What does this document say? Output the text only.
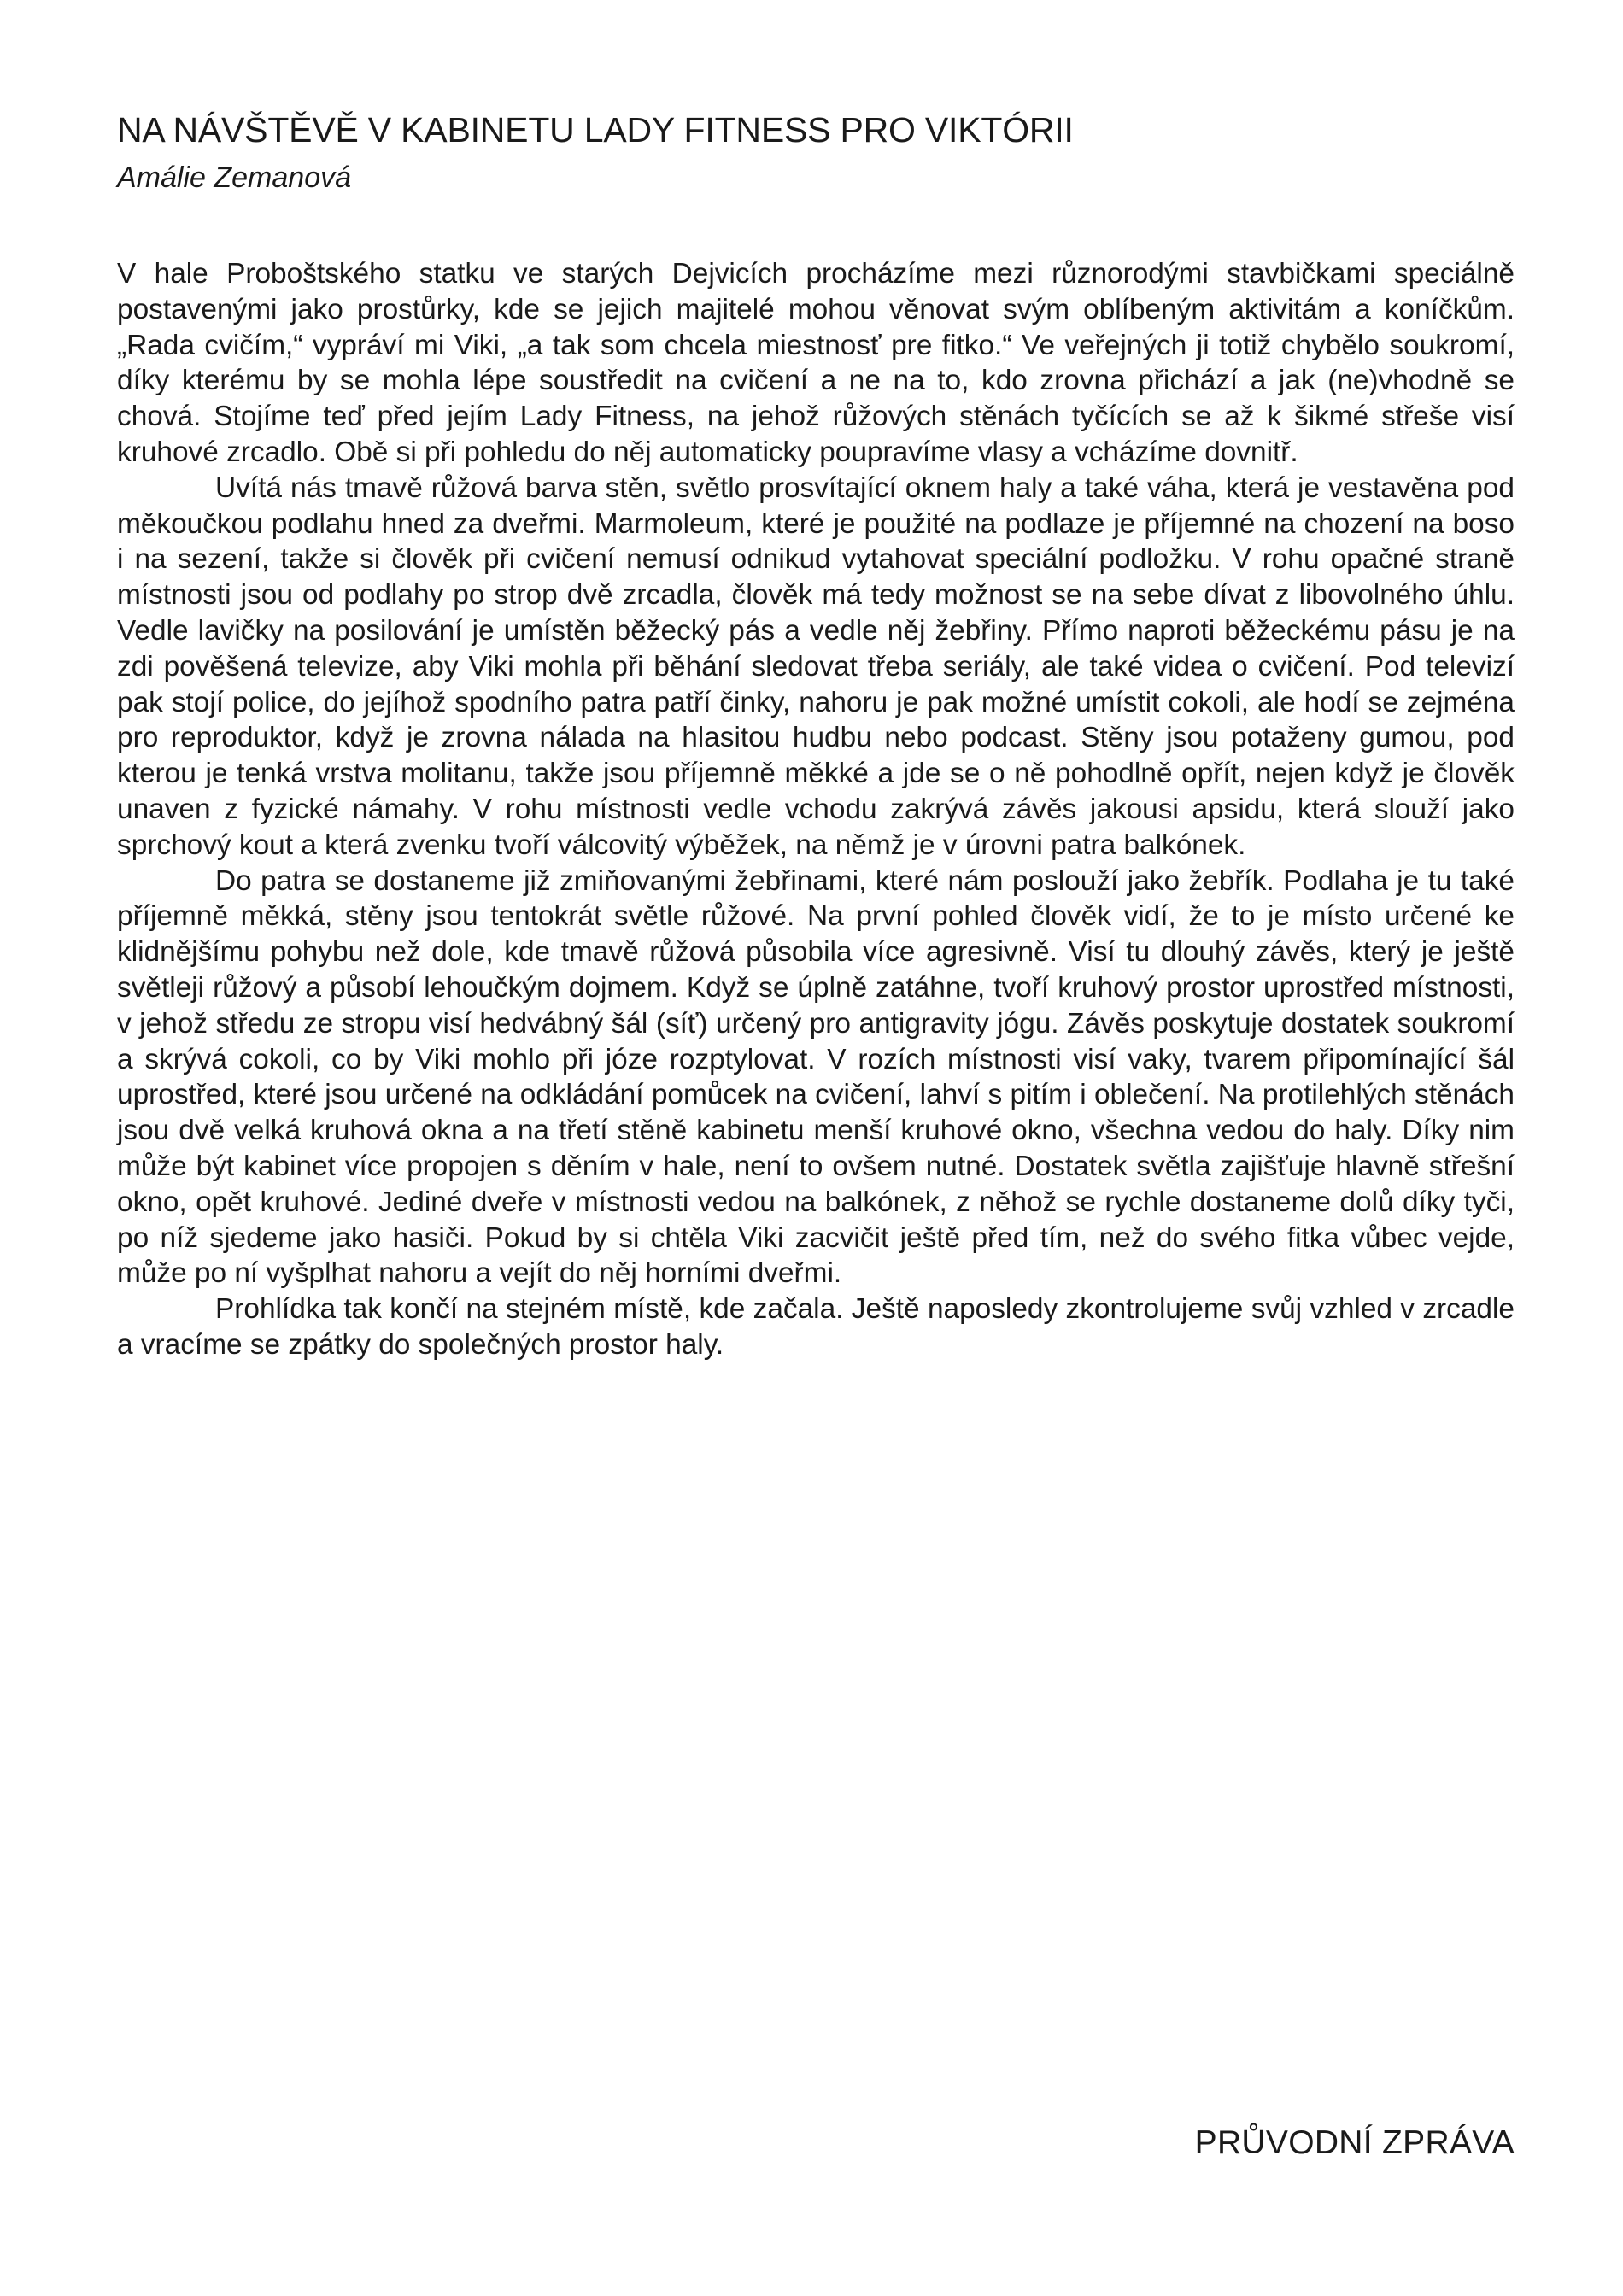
NA NÁVŠTĚVĚ V KABINETU LADY FITNESS PRO VIKTÓRII

Amálie Zemanová

V hale Proboštského statku ve starých Dejvicích procházíme mezi různorodými stavbičkami speciálně postavenými jako prostůrky, kde se jejich majitelé mohou věnovat svým oblíbeným aktivitám a koníčkům. „Rada cvičím,“ vypráví mi Viki, „a tak som chcela miestnosť pre fitko.“ Ve veřejných ji totiž chybělo soukromí, díky kterému by se mohla lépe soustředit na cvičení a ne na to, kdo zrovna přichází a jak (ne)vhodně se chová. Stojíme teď před jejím Lady Fitness, na jehož růžových stěnách tyčících se až k šikmé střeše visí kruhové zrcadlo. Obě si při pohledu do něj automaticky poupravíme vlasy a vcházíme dovnitř.

Uvítá nás tmavě růžová barva stěn, světlo prosvítající oknem haly a také váha, která je vestavěna pod měkoučkou podlahu hned za dveřmi. Marmoleum, které je použité na podlaze je příjemné na chození na boso i na sezení, takže si člověk při cvičení nemusí odnikud vytahovat speciální podložku. V rohu opačné straně místnosti jsou od podlahy po strop dvě zrcadla, člověk má tedy možnost se na sebe dívat z libovolného úhlu. Vedle lavičky na posilování je umístěn běžecký pás a vedle něj žebřiny. Přímo naproti běžeckému pásu je na zdi pověšená televize, aby Viki mohla při běhání sledovat třeba seriály, ale také videa o cvičení. Pod televizí pak stojí police, do jejíhož spodního patra patří činky, nahoru je pak možné umístit cokoli, ale hodí se zejména pro reproduktor, když je zrovna nálada na hlasitou hudbu nebo podcast. Stěny jsou potaženy gumou, pod kterou je tenká vrstva molitanu, takže jsou příjemně měkké a jde se o ně pohodlně opřít, nejen když je člověk unaven z fyzické námahy. V rohu místnosti vedle vchodu zakrývá závěs jakousi apsidu, která slouží jako sprchový kout a která zvenku tvoří válcovitý výběžek, na němž je v úrovni patra balkónek.

Do patra se dostaneme již zmiňovanými žebřinami, které nám poslouží jako žebřík. Podlaha je tu také příjemně měkká, stěny jsou tentokrát světle růžové. Na první pohled člověk vidí, že to je místo určené ke klidnějšímu pohybu než dole, kde tmavě růžová působila více agresivně. Visí tu dlouhý závěs, který je ještě světleji růžový a působí lehoučkým dojmem. Když se úplně zatáhne, tvoří kruhový prostor uprostřed místnosti, v jehož středu ze stropu visí hedvábný šál (síť) určený pro antigravity jógu. Závěs poskytuje dostatek soukromí a skrývá cokoli, co by Viki mohlo při józe rozptylovat. V rozích místnosti visí vaky, tvarem připomínající šál uprostřed, které jsou určené na odkládání pomůcek na cvičení, lahví s pitím i oblečení. Na protilehlých stěnách jsou dvě velká kruhová okna a na třetí stěně kabinetu menší kruhové okno, všechna vedou do haly. Díky nim může být kabinet více propojen s děním v hale, není to ovšem nutné. Dostatek světla zajišťuje hlavně střešní okno, opět kruhové. Jediné dveře v místnosti vedou na balkónek, z něhož se rychle dostaneme dolů díky tyči, po níž sjedeme jako hasiči. Pokud by si chtěla Viki zacvičit ještě před tím, než do svého fitka vůbec vejde, může po ní vyšplhat nahoru a vejít do něj horními dveřmi.

Prohlídka tak končí na stejném místě, kde začala. Ještě naposledy zkontrolujeme svůj vzhled v zrcadle a vracíme se zpátky do společných prostor haly.

PRŮVODNÍ ZPRÁVA
